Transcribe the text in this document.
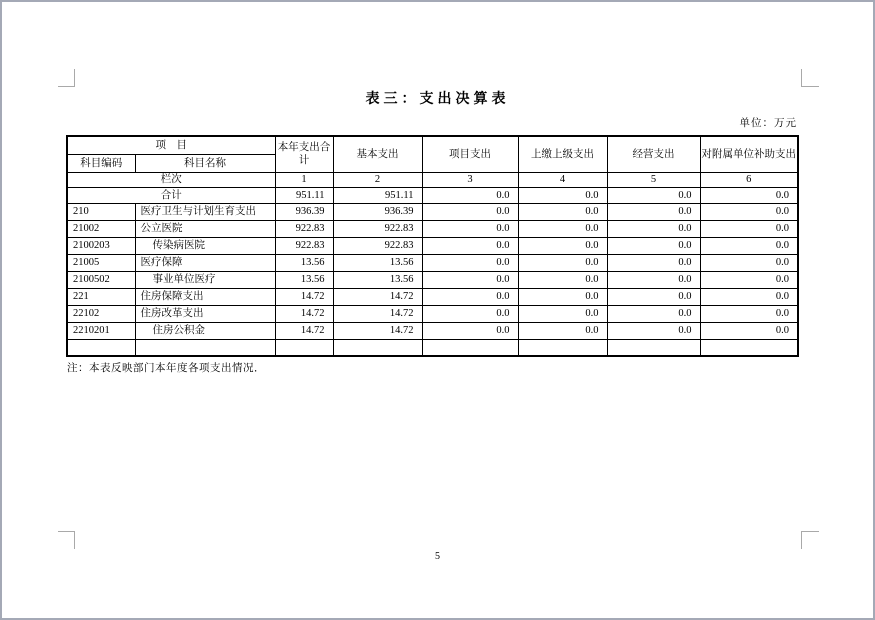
表三：支出决算表
单位：万元
项　目		本年支出合计	基本支出	项目支出	上缴上级支出	经营支出	对附属单位补助支出
科目编码	科目名称						
栏次		1	2	3	4	5	6
合计		951.11	951.11	0.0	0.0	0.0	0.0
210	医疗卫生与计划生育支出	936.39	936.39	0.0	0.0	0.0	0.0
21002	公立医院	922.83	922.83	0.0	0.0	0.0	0.0
2100203	传染病医院	922.83	922.83	0.0	0.0	0.0	0.0
21005	医疗保障	13.56	13.56	0.0	0.0	0.0	0.0
2100502	事业单位医疗	13.56	13.56	0.0	0.0	0.0	0.0
221	住房保障支出	14.72	14.72	0.0	0.0	0.0	0.0
22102	住房改革支出	14.72	14.72	0.0	0.0	0.0	0.0
2210201	住房公积金	14.72	14.72	0.0	0.0	0.0	0.0

注：本表反映部门本年度各项支出情况．
5
